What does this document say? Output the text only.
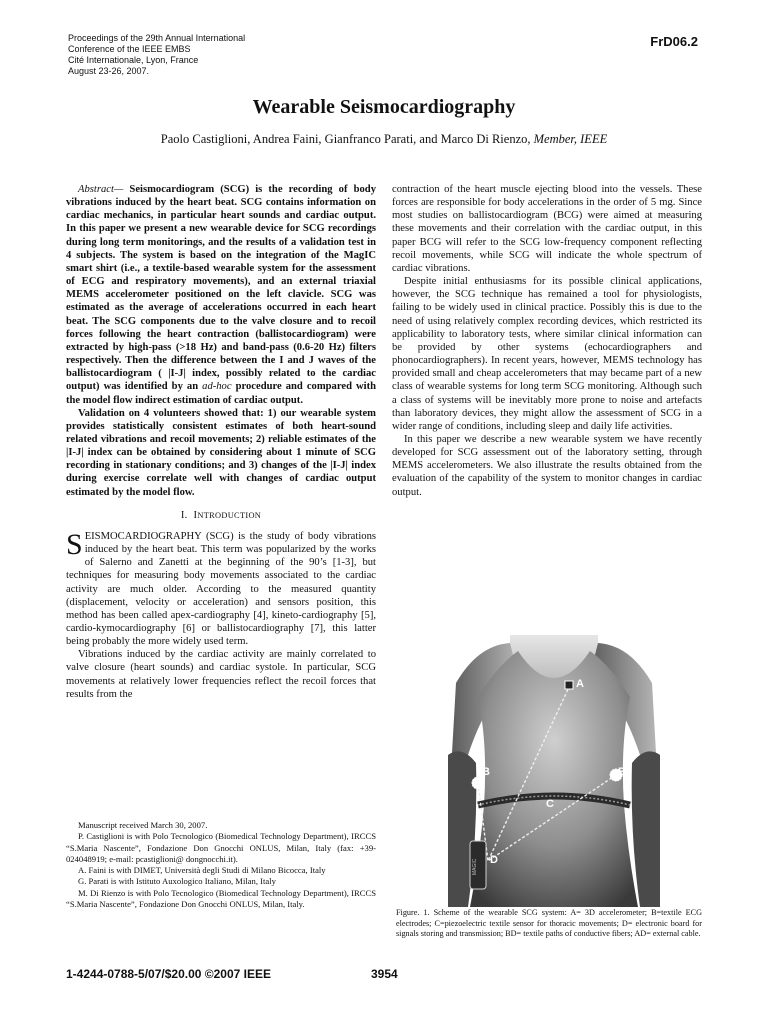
Proceedings of the 29th Annual International
Conference of the IEEE EMBS
Cité Internationale, Lyon, France
August 23-26, 2007.
FrD06.2
Wearable Seismocardiography
Paolo Castiglioni, Andrea Faini, Gianfranco Parati, and Marco Di Rienzo, Member, IEEE

Abstract— Seismocardiogram (SCG) is the recording of body vibrations induced by the heart beat. SCG contains information on cardiac mechanics, in particular heart sounds and cardiac output. In this paper we present a new wearable device for SCG recordings during long term monitorings, and the results of a validation test in 4 subjects. The system is based on the integration of the MagIC smart shirt (i.e., a textile-based wearable system for the assessment of ECG and respiratory movements), and an external triaxial MEMS accelerometer positioned on the left clavicle. SCG was estimated as the average of accelerations occurred in each heart beat. The SCG components due to the valve closure and to recoil forces following the heart contraction (ballistocardiogram) were extracted by high-pass (>18 Hz) and band-pass (0.6-20 Hz) filters respectively. Then the difference between the I and J waves of the ballistocardiogram ( |I-J| index, possibly related to the cardiac output) was identified by an ad-hoc procedure and compared with the model flow indirect estimation of cardiac output.

Validation on 4 volunteers showed that: 1) our wearable system provides statistically consistent estimates of both heart-sound related vibrations and recoil movements; 2) reliable estimates of the |I-J| index can be obtained by considering about 1 minute of SCG recording in stationary conditions; and 3) changes of the |I-J| index during exercise correlate well with changes of cardiac output estimated by the model flow.

I. INTRODUCTION
SEISMOCARDIOGRAPHY (SCG) is the study of body vibrations induced by the heart beat. This term was popularized by the works of Salerno and Zanetti at the beginning of the 90’s [1-3], but techniques for measuring body movements associated to the cardiac activity are much older. According to the measured quantity (displacement, velocity or acceleration) and sensors position, this method has been called apex-cardiography [4], kineto-cardiography [5], cardio-kymocardiography [6] or ballistocardiography [7], this latter being probably the more widely used term.

Vibrations induced by the cardiac activity are mainly correlated to valve closure (heart sounds) and cardiac systole. In particular, SCG movements at relatively lower frequencies reflect the recoil forces that results from the

Manuscript received March 30, 2007.

P. Castiglioni is with Polo Tecnologico (Biomedical Technology Department), IRCCS “S.Maria Nascente”, Fondazione Don Gnocchi ONLUS, Milan, Italy (fax: +39-024048919; e-mail: pcastiglioni@ dongnocchi.it).

A. Faini is with DIMET, Università degli Studi di Milano Bicocca, Italy

G. Parati is with Istituto Auxologico Italiano, Milan, Italy

M. Di Rienzo is with Polo Tecnologico (Biomedical Technology Department), IRCCS “S.Maria Nascente”, Fondazione Don Gnocchi ONLUS, Milan, Italy.

contraction of the heart muscle ejecting blood into the vessels. These forces are responsible for body accelerations in the order of 5 mg. Since most studies on ballistocardiogram (BCG) were aimed at measuring these movements and their correlation with the cardiac output, in this paper BCG will refer to the SCG low-frequency component reflecting recoil movements, while SCG will indicate the whole spectrum of cardiac vibrations.

Despite initial enthusiasms for its possible clinical applications, however, the SCG technique has remained a tool for physiologists, failing to be widely used in clinical practice. Possibly this is due to the need of using relatively complex recording devices, which restricted its applicability to laboratory tests, where similar clinical information can be provided by other systems (echocardiographers and phonocardiographers). In recent years, however, MEMS technology has provided small and cheap accelerometers that may became part of a new class of wearable systems for long term SCG monitoring. Although such a class of systems will be inevitably more prone to noise and artefacts than laboratory devices, they might allow the assessment of SCG in a wider range of conditions, including sleep and daily life activities.

In this paper we describe a new wearable system we have recently developed for SCG assessment out of the laboratory setting, through MEMS accelerometers. We also illustrate the results obtained from the evaluation of the capability of the system to monitor changes in cardiac output.

A
B	B
C
MAGIC D
Figure. 1. Scheme of the wearable SCG system: A= 3D accelerometer; B=textile ECG electrodes; C=piezoelectric textile sensor for thoracic movements; D= electronic board for signals storing and transmission; BD= textile paths of conductive fibers; AD= external cable.
1-4244-0788-5/07/$20.00 ©2007 IEEE	3954
